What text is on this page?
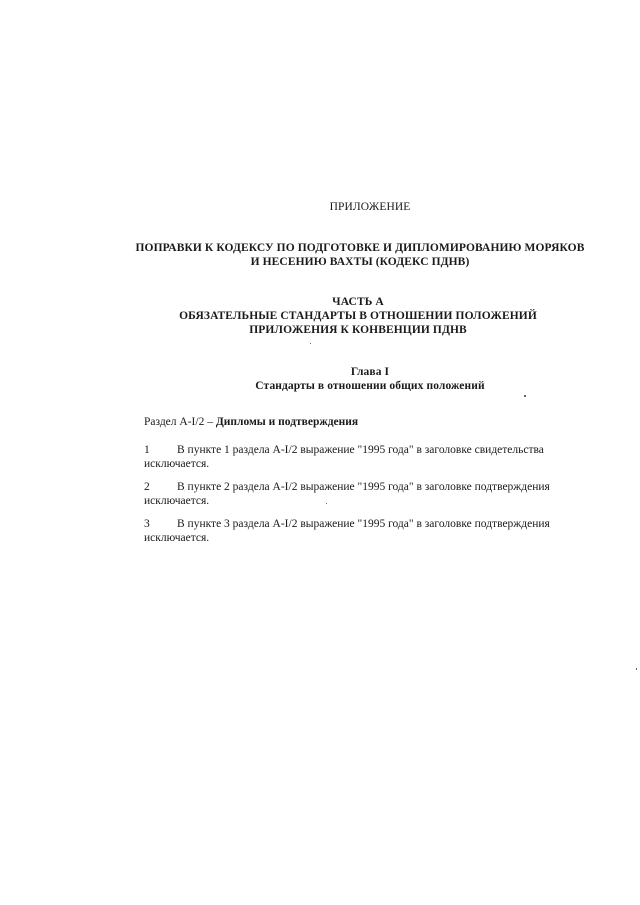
ПРИЛОЖЕНИЕ
ПОПРАВКИ К КОДЕКСУ ПО ПОДГОТОВКЕ И ДИПЛОМИРОВАНИЮ МОРЯКОВ
И НЕСЕНИЮ ВАХТЫ (КОДЕКС ПДНВ)
ЧАСТЬ А
ОБЯЗАТЕЛЬНЫЕ СТАНДАРТЫ В ОТНОШЕНИИ ПОЛОЖЕНИЙ
ПРИЛОЖЕНИЯ К КОНВЕНЦИИ ПДНВ
Глава I
Стандарты в отношении общих положений
Раздел А-I/2 – Дипломы и подтверждения
1 В пункте 1 раздела А-I/2 выражение "1995 года" в заголовке свидетельства
исключается.
2 В пункте 2 раздела А-I/2 выражение "1995 года" в заголовке подтверждения
исключается.
3 В пункте 3 раздела А-I/2 выражение "1995 года" в заголовке подтверждения
исключается.
